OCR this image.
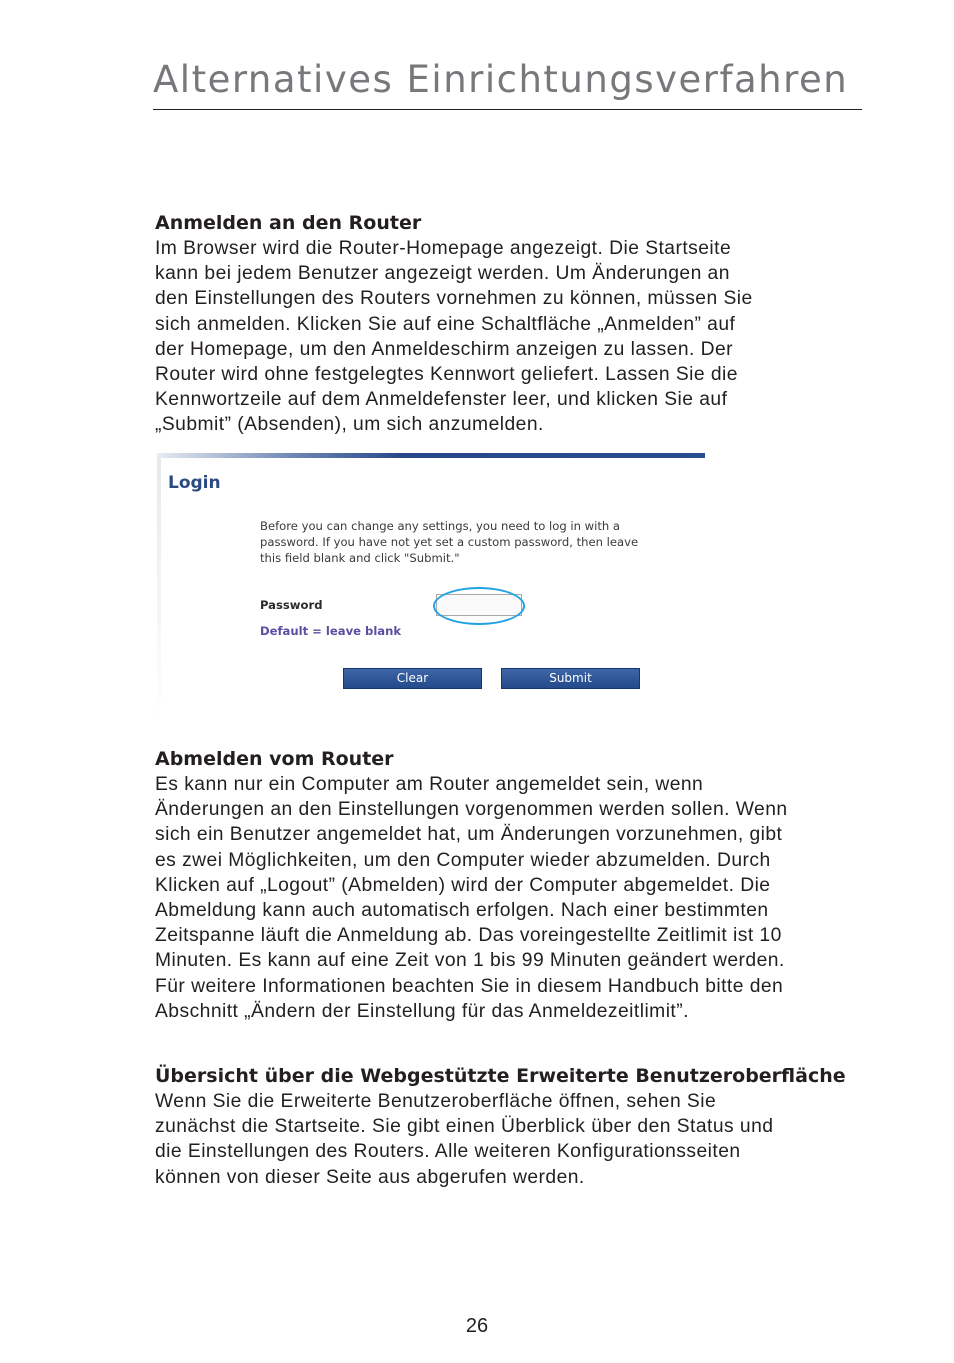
Alternatives Einrichtungsverfahren
Anmelden an den Router

Im Browser wird die Router-Homepage angezeigt. Die Startseite
kann bei jedem Benutzer angezeigt werden. Um Änderungen an
den Einstellungen des Routers vornehmen zu können, müssen Sie
sich anmelden. Klicken Sie auf eine Schaltfläche „Anmelden” auf
der Homepage, um den Anmeldeschirm anzeigen zu lassen. Der
Router wird ohne festgelegtes Kennwort geliefert. Lassen Sie die
Kennwortzeile auf dem Anmeldefenster leer, und klicken Sie auf
„Submit” (Absenden), um sich anzumelden.

Login
Before you can change any settings, you need to log in with a
password. If you have not yet set a custom password, then leave
this field blank and click "Submit."
Password
Default = leave blank
Clear	Submit
Abmelden vom Router

Es kann nur ein Computer am Router angemeldet sein, wenn
Änderungen an den Einstellungen vorgenommen werden sollen. Wenn
sich ein Benutzer angemeldet hat, um Änderungen vorzunehmen, gibt
es zwei Möglichkeiten, um den Computer wieder abzumelden. Durch
Klicken auf „Logout” (Abmelden) wird der Computer abgemeldet. Die
Abmeldung kann auch automatisch erfolgen. Nach einer bestimmten
Zeitspanne läuft die Anmeldung ab. Das voreingestellte Zeitlimit ist 10
Minuten. Es kann auf eine Zeit von 1 bis 99 Minuten geändert werden.
Für weitere Informationen beachten Sie in diesem Handbuch bitte den
Abschnitt „Ändern der Einstellung für das Anmeldezeitlimit”.

Übersicht über die Webgestützte Erweiterte Benutzeroberfläche

Wenn Sie die Erweiterte Benutzeroberfläche öffnen, sehen Sie
zunächst die Startseite. Sie gibt einen Überblick über den Status und
die Einstellungen des Routers. Alle weiteren Konfigurationsseiten
können von dieser Seite aus abgerufen werden.

26
